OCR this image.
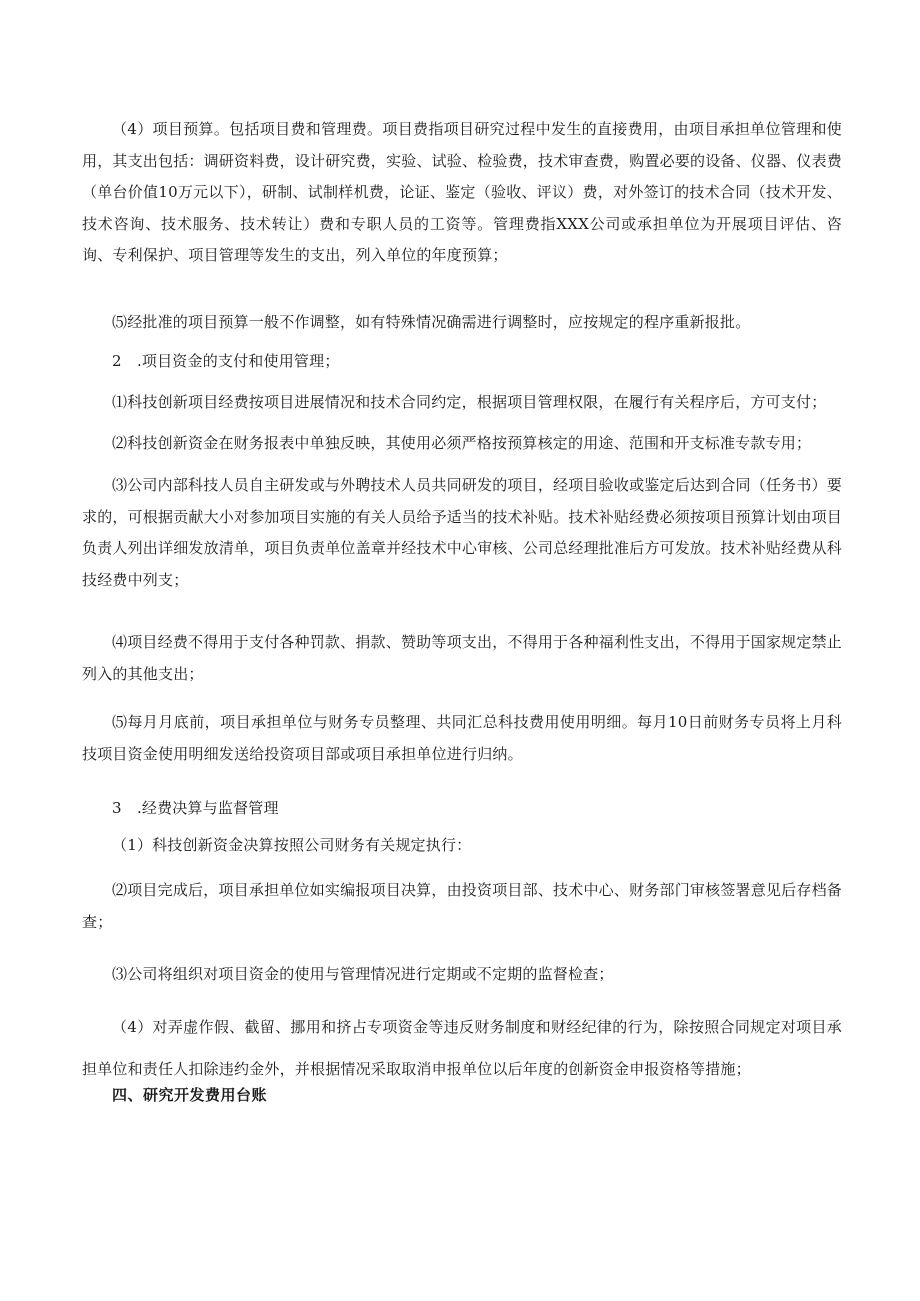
（4）项目预算。包括项目费和管理费。项目费指项目研究过程中发生的直接费用，由项目承担单位管理和使用，其支出包括：调研资料费，设计研究费，实验、试验、检验费，技术审查费，购置必要的设备、仪器、仪表费（单台价值10万元以下），研制、试制样机费，论证、鉴定（验收、评议）费，对外签订的技术合同（技术开发、技术咨询、技术服务、技术转让）费和专职人员的工资等。管理费指XXX公司或承担单位为开展项目评估、咨询、专利保护、项目管理等发生的支出，列入单位的年度预算；

⑸经批准的项目预算一般不作调整，如有特殊情况确需进行调整时，应按规定的程序重新报批。

2　.项目资金的支付和使用管理；

⑴科技创新项目经费按项目进展情况和技术合同约定，根据项目管理权限，在履行有关程序后，方可支付；

⑵科技创新资金在财务报表中单独反映，其使用必须严格按预算核定的用途、范围和开支标准专款专用；

⑶公司内部科技人员自主研发或与外聘技术人员共同研发的项目，经项目验收或鉴定后达到合同（任务书）要求的，可根据贡献大小对参加项目实施的有关人员给予适当的技术补贴。技术补贴经费必须按项目预算计划由项目负责人列出详细发放清单，项目负责单位盖章并经技术中心审核、公司总经理批准后方可发放。技术补贴经费从科技经费中列支；

⑷项目经费不得用于支付各种罚款、捐款、赞助等项支出，不得用于各种福利性支出，不得用于国家规定禁止列入的其他支出；

⑸每月月底前，项目承担单位与财务专员整理、共同汇总科技费用使用明细。每月10日前财务专员将上月科技项目资金使用明细发送给投资项目部或项目承担单位进行归纳。

3　.经费决算与监督管理

（1）科技创新资金决算按照公司财务有关规定执行：

⑵项目完成后，项目承担单位如实编报项目决算，由投资项目部、技术中心、财务部门审核签署意见后存档备查；

⑶公司将组织对项目资金的使用与管理情况进行定期或不定期的监督检查；

（4）对弄虚作假、截留、挪用和挤占专项资金等违反财务制度和财经纪律的行为，除按照合同规定对项目承担单位和责任人扣除违约金外，并根据情况采取取消申报单位以后年度的创新资金申报资格等措施；

四、研究开发费用台账
